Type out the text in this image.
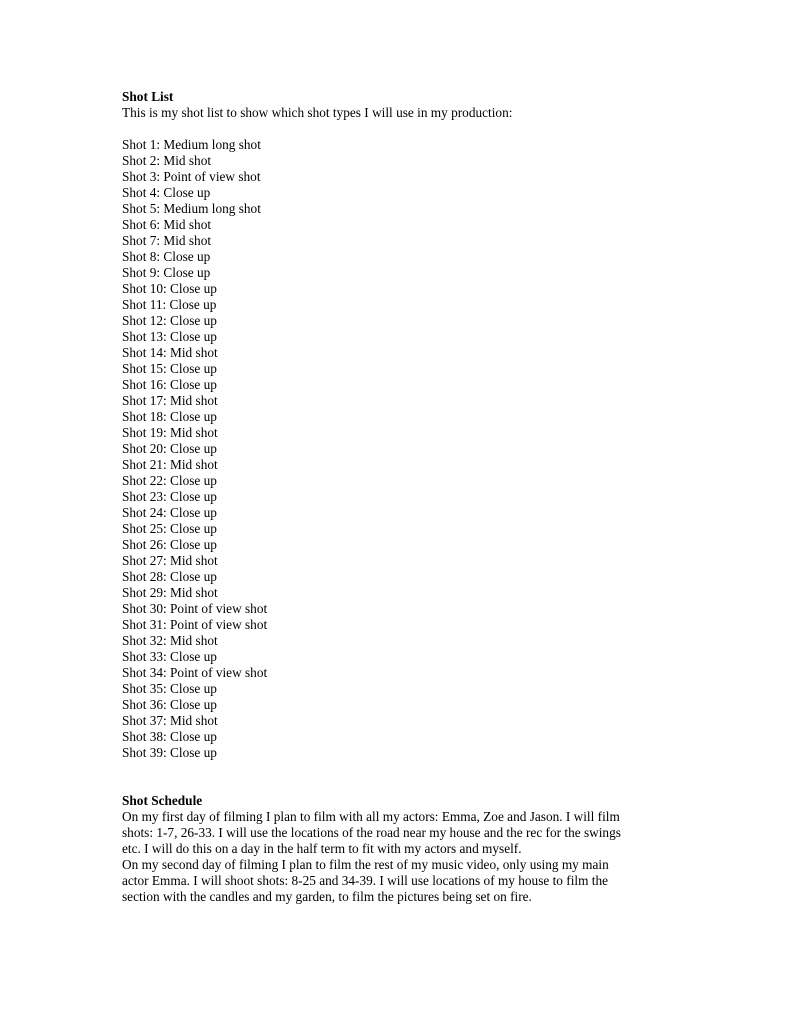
Shot List
This is my shot list to show which shot types I will use in my production:
Shot 1: Medium long shot
Shot 2: Mid shot
Shot 3: Point of view shot
Shot 4: Close up
Shot 5: Medium long shot
Shot 6: Mid shot
Shot 7: Mid shot
Shot 8: Close up
Shot 9: Close up
Shot 10: Close up
Shot 11: Close up
Shot 12: Close up
Shot 13: Close up
Shot 14: Mid shot
Shot 15: Close up
Shot 16: Close up
Shot 17: Mid shot
Shot 18: Close up
Shot 19: Mid shot
Shot 20: Close up
Shot 21: Mid shot
Shot 22: Close up
Shot 23: Close up
Shot 24: Close up
Shot 25: Close up
Shot 26: Close up
Shot 27: Mid shot
Shot 28: Close up
Shot 29: Mid shot
Shot 30: Point of view shot
Shot 31: Point of view shot
Shot 32: Mid shot
Shot 33: Close up
Shot 34: Point of view shot
Shot 35: Close up
Shot 36: Close up
Shot 37: Mid shot
Shot 38: Close up
Shot 39: Close up
Shot Schedule
On my first day of filming I plan to film with all my actors: Emma, Zoe and Jason. I will film
shots: 1-7, 26-33. I will use the locations of the road near my house and the rec for the swings
etc. I will do this on a day in the half term to fit with my actors and myself.
On my second day of filming I plan to film the rest of my music video, only using my main
actor Emma. I will shoot shots: 8-25 and 34-39. I will use locations of my house to film the
section with the candles and my garden, to film the pictures being set on fire.
